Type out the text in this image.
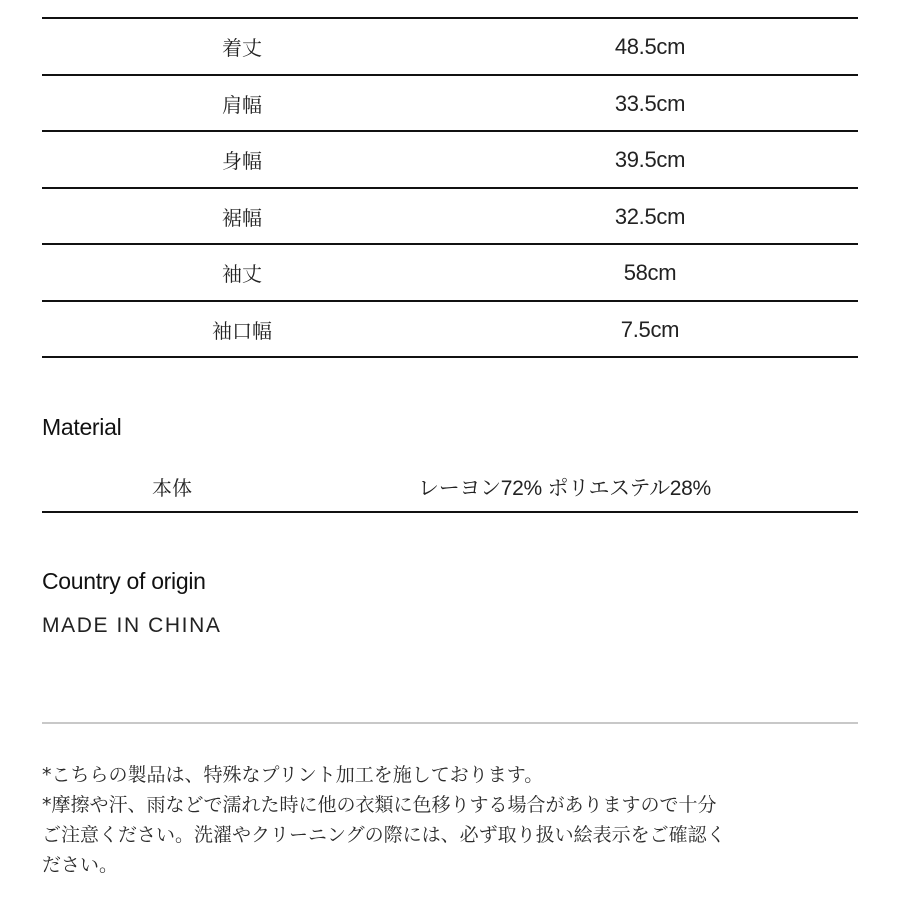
着丈	48.5cm
肩幅	33.5cm
身幅	39.5cm
裾幅	32.5cm
袖丈	58cm
袖口幅	7.5cm
Material
本体	レーヨン72% ポリエステル28%
Country of origin
MADE IN CHINA

*こちらの製品は、特殊なプリント加工を施しております。

*摩擦や汗、雨などで濡れた時に他の衣類に色移りする場合がありますので十分

ご注意ください。洗濯やクリーニングの際には、必ず取り扱い絵表示をご確認く

ださい。
